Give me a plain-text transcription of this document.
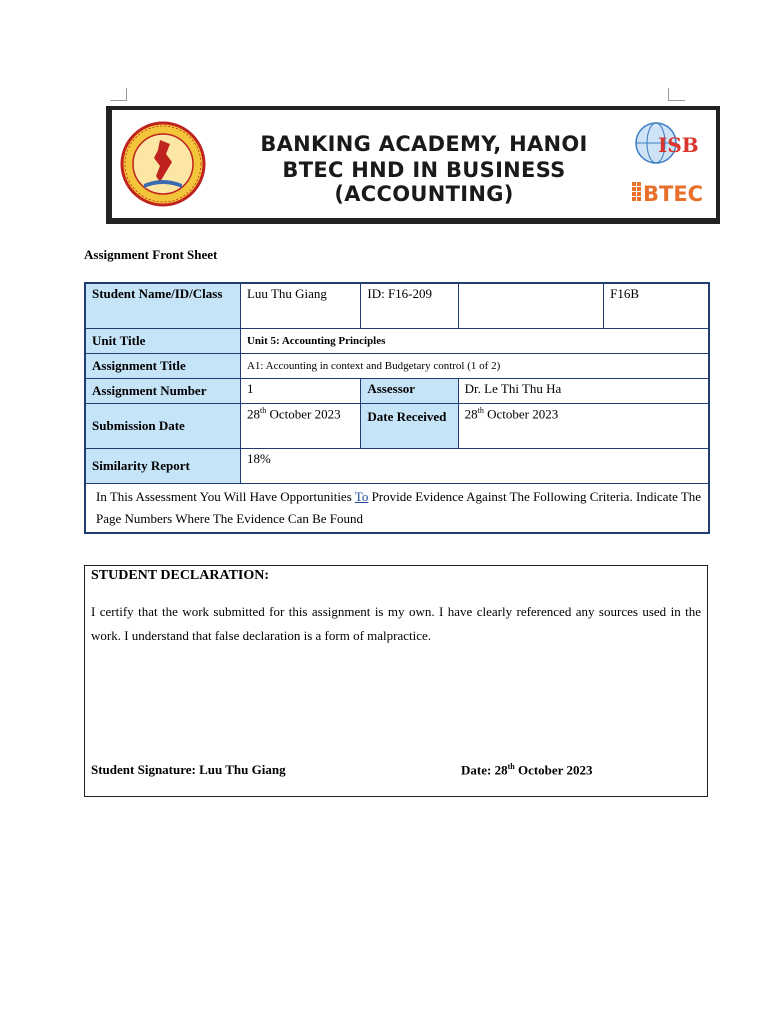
BANKING ACADEMY, HANOI
BTEC HND IN BUSINESS (ACCOUNTING)
ISB
BTEC
Assignment Front Sheet
Student Name/ID/Class	Luu Thu Giang	ID: F16-209		F16B
Unit Title	Unit 5: Accounting Principles			
Assignment Title	A1: Accounting in context and Budgetary control (1 of 2)			
Assignment Number	1	Assessor	Dr. Le Thi Thu Ha	
Submission Date	28th October 2023	Date Received	28th October 2023	
Similarity Report	18%			
In This Assessment You Will Have Opportunities To Provide Evidence Against The Following Criteria. Indicate The Page Numbers Where The Evidence Can Be Found				
STUDENT DECLARATION:
I certify that the work submitted for this assignment is my own. I have clearly referenced any sources used in the work. I understand that false declaration is a form of malpractice.
Student Signature: Luu Thu Giang	Date: 28th October 2023
